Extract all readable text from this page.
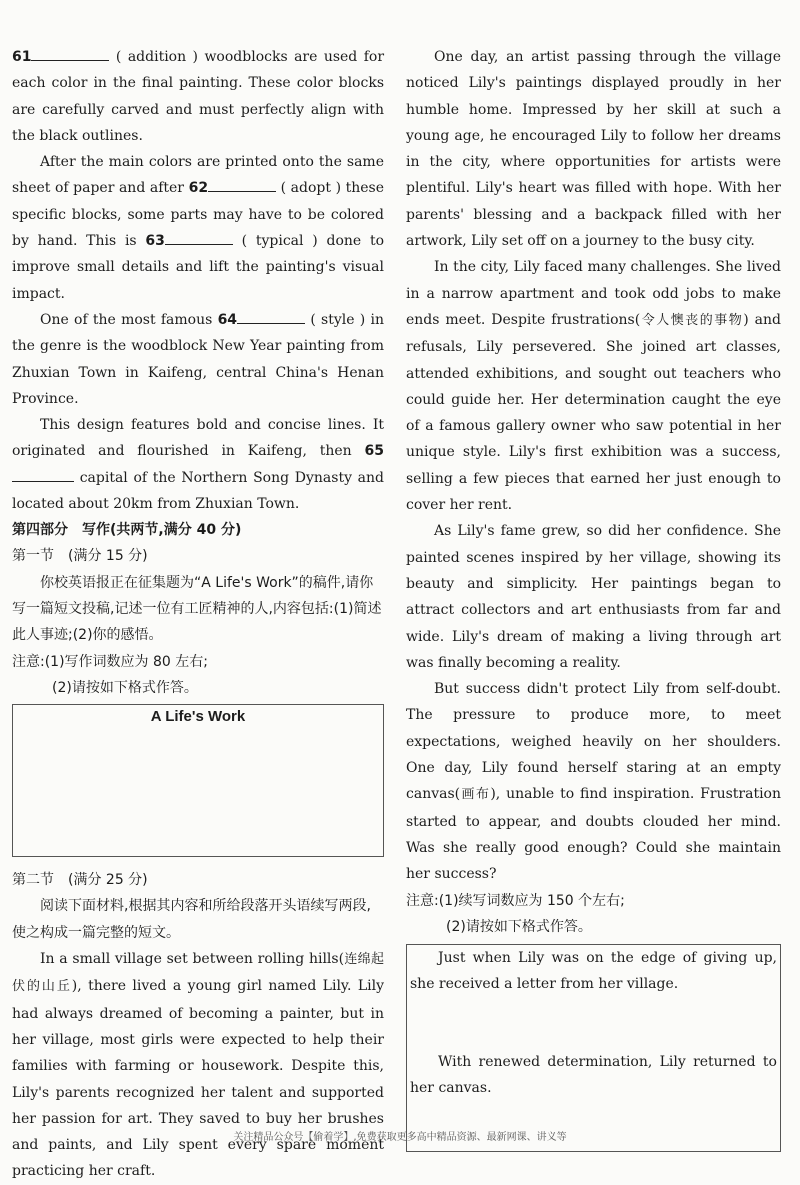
61	( addition ) woodblocks are used for each color in the final painting. These color blocks are carefully carved and must perfectly align with the black outlines.

After the main colors are printed onto the same sheet of paper and after 62	( adopt ) these specific blocks, some parts may have to be colored by hand. This is 63	( typical ) done to improve small details and lift the painting's visual impact.

One of the most famous 64	( style ) in the genre is the woodblock New Year painting from Zhuxian Town in Kaifeng, central China's Henan Province.

This design features bold and concise lines. It originated and flourished in Kaifeng, then 65 capital of the Northern Song Dynasty and located about 20km from Zhuxian Town.

第四部分　写作(共两节,满分 40 分)
第一节　(满分 15 分)
你校英语报正在征集题为“A Life's Work”的稿件,请你写一篇短文投稿,记述一位有工匠精神的人,内容包括:(1)简述此人事迹;(2)你的感悟。
注意:(1)写作词数应为 80 左右;
(2)请按如下格式作答。
A Life's Work
第二节　(满分 25 分)
阅读下面材料,根据其内容和所给段落开头语续写两段,使之构成一篇完整的短文。

In a small village set between rolling hills(连绵起伏的山丘), there lived a young girl named Lily. Lily had always dreamed of becoming a painter, but in her village, most girls were expected to help their families with farming or housework. Despite this, Lily's parents recognized her talent and supported her passion for art. They saved to buy her brushes and paints, and Lily spent every spare moment practicing her craft.

One day, an artist passing through the village noticed Lily's paintings displayed proudly in her humble home. Impressed by her skill at such a young age, he encouraged Lily to follow her dreams in the city, where opportunities for artists were plentiful. Lily's heart was filled with hope. With her parents' blessing and a backpack filled with her artwork, Lily set off on a journey to the busy city.

In the city, Lily faced many challenges. She lived in a narrow apartment and took odd jobs to make ends meet. Despite frustrations(令人懊丧的事物) and refusals, Lily persevered. She joined art classes, attended exhibitions, and sought out teachers who could guide her. Her determination caught the eye of a famous gallery owner who saw potential in her unique style. Lily's first exhibition was a success, selling a few pieces that earned her just enough to cover her rent.

As Lily's fame grew, so did her confidence. She painted scenes inspired by her village, showing its beauty and simplicity. Her paintings began to attract collectors and art enthusiasts from far and wide. Lily's dream of making a living through art was finally becoming a reality.

But success didn't protect Lily from self-doubt. The pressure to produce more, to meet expectations, weighed heavily on her shoulders. One day, Lily found herself staring at an empty canvas(画布), unable to find inspiration. Frustration started to appear, and doubts clouded her mind. Was she really good enough? Could she maintain her success?

注意:(1)续写词数应为 150 个左右;
(2)请按如下格式作答。

Just when Lily was on the edge of giving up, she received a letter from her village.

With renewed determination, Lily returned to her canvas.

关注精品公众号【偷着学】,免费获取更多高中精品资源、最新网课、讲义等
